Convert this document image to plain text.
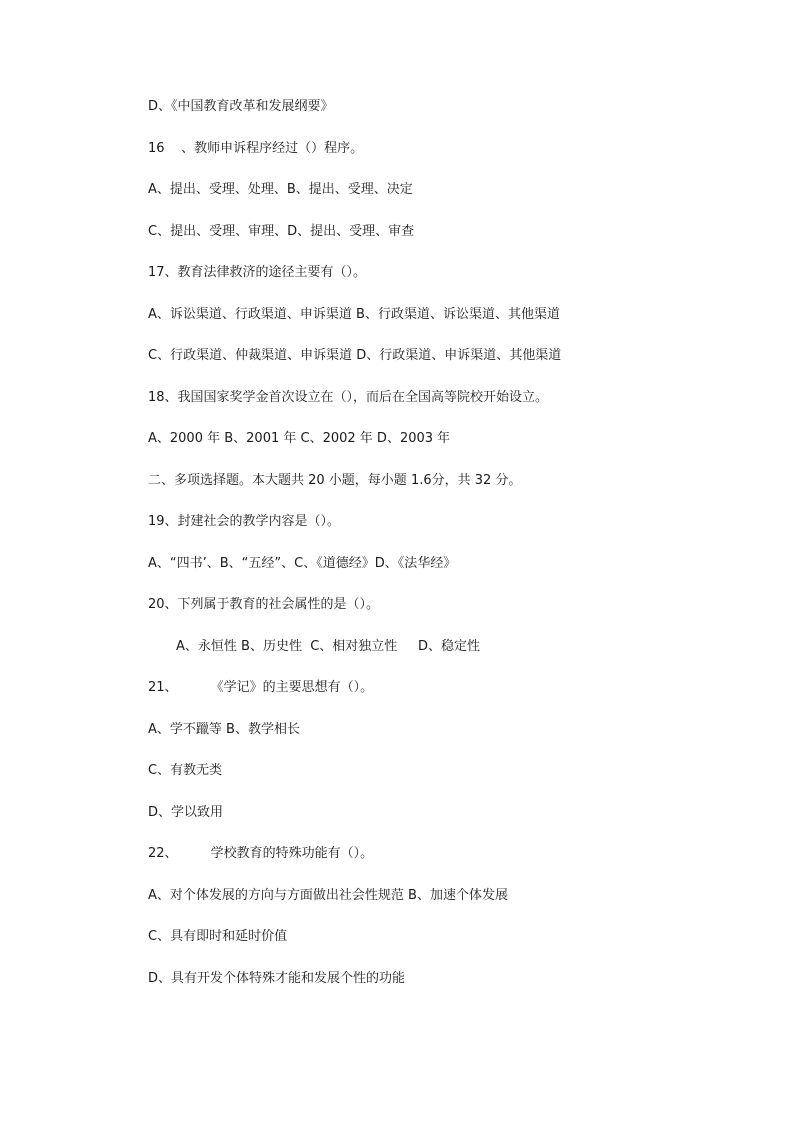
D、《中国教育改革和发展纲要》
16    、教师申诉程序经过（）程序。
A、提出、受理、处理、B、提出、受理、决定
C、提出、受理、审理、D、提出、受理、审查
17、教育法律救济的途径主要有（）。
A、诉讼渠道、行政渠道、申诉渠道 B、行政渠道、诉讼渠道、其他渠道
C、行政渠道、仲裁渠道、申诉渠道 D、行政渠道、申诉渠道、其他渠道
18、我国国家奖学金首次设立在（），而后在全国高等院校开始设立。
A、2000 年 B、2001 年 C、2002 年 D、2003 年
二、多项选择题。本大题共 20 小题，每小题 1.6分，共 32 分。
19、封建社会的教学内容是（）。
A、“四书’、B、“五经”、C、《道德经》D、《法华经》
20、下列属于教育的社会属性的是（）。
A、永恒性 B、历史性  C、相对独立性     D、稳定性
21、        《学记》的主要思想有（）。
A、学不躐等 B、教学相长
C、有教无类
D、学以致用
22、        学校教育的特殊功能有（）。
A、对个体发展的方向与方面做出社会性规范 B、加速个体发展
C、具有即时和延时价值
D、具有开发个体特殊才能和发展个性的功能
